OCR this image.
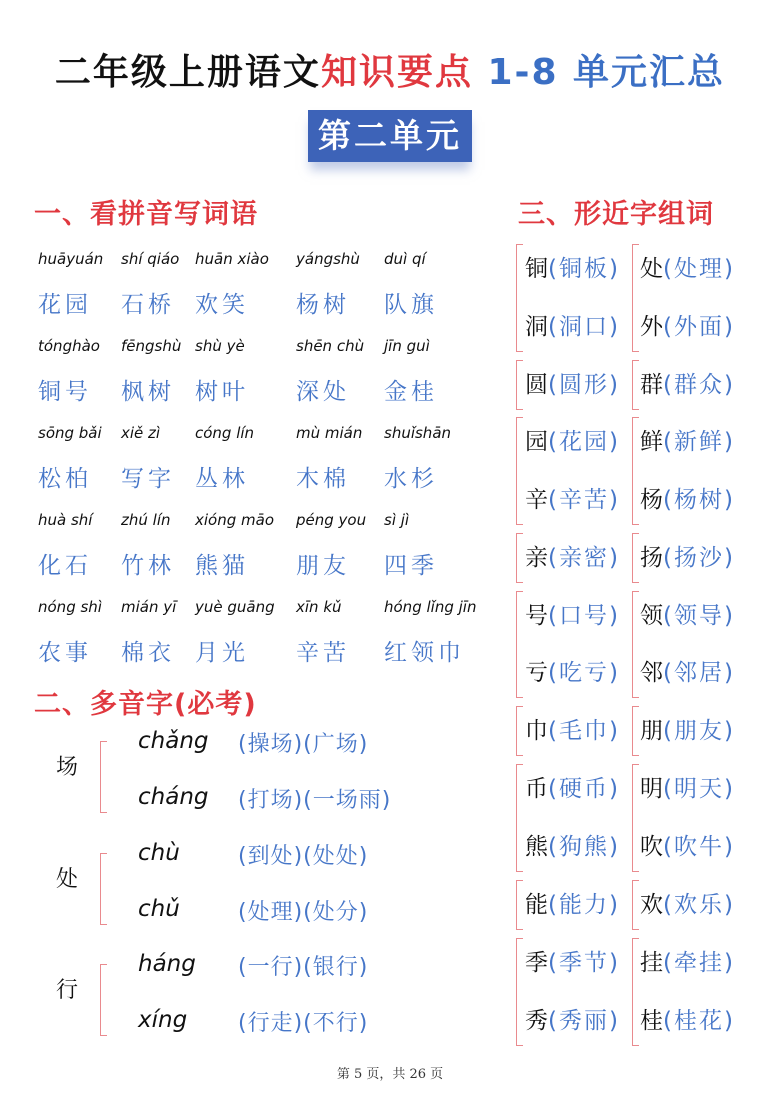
二年级上册语文知识要点 1-8 单元汇总
第二单元
一、看拼音写词语
二、多音字(必考)
三、形近字组词
huāyuán
花园
shí qiáo
石桥
huān xiào
欢笑
yángshù
杨树
duì qí
队旗
tónghào
铜号
fēngshù
枫树
shù yè
树叶
shēn chù
深处
jīn guì
金桂
sōng bǎi
松柏
xiě zì
写字
cóng lín
丛林
mù mián
木棉
shuǐshān
水杉
huà shí
化石
zhú lín
竹林
xióng māo
熊猫
péng you
朋友
sì jì
四季
nóng shì
农事
mián yī
棉衣
yuè guāng
月光
xīn kǔ
辛苦
hóng lǐng jīn
红领巾
场
chǎng (操场)(广场)
cháng (打场)(一场雨)
处
chù	(到处)(处处)
chǔ	(处理)(处分)
行
háng (一行)(银行)
xíng (行走)(不行)
铜(铜板)
洞(洞口)
圆(圆形)
园(花园)
辛(辛苦)
亲(亲密)
号(口号)
亏(吃亏)
巾(毛巾)
币(硬币)
熊(狗熊)
能(能力)
季(季节)
秀(秀丽)
处(处理)
外(外面)
群(群众)
鲜(新鲜)
杨(杨树)
扬(扬沙)
领(领导)
邻(邻居)
朋(朋友)
明(明天)
吹(吹牛)
欢(欢乐)
挂(牵挂)
桂(桂花)
第 5 页，共 26 页
